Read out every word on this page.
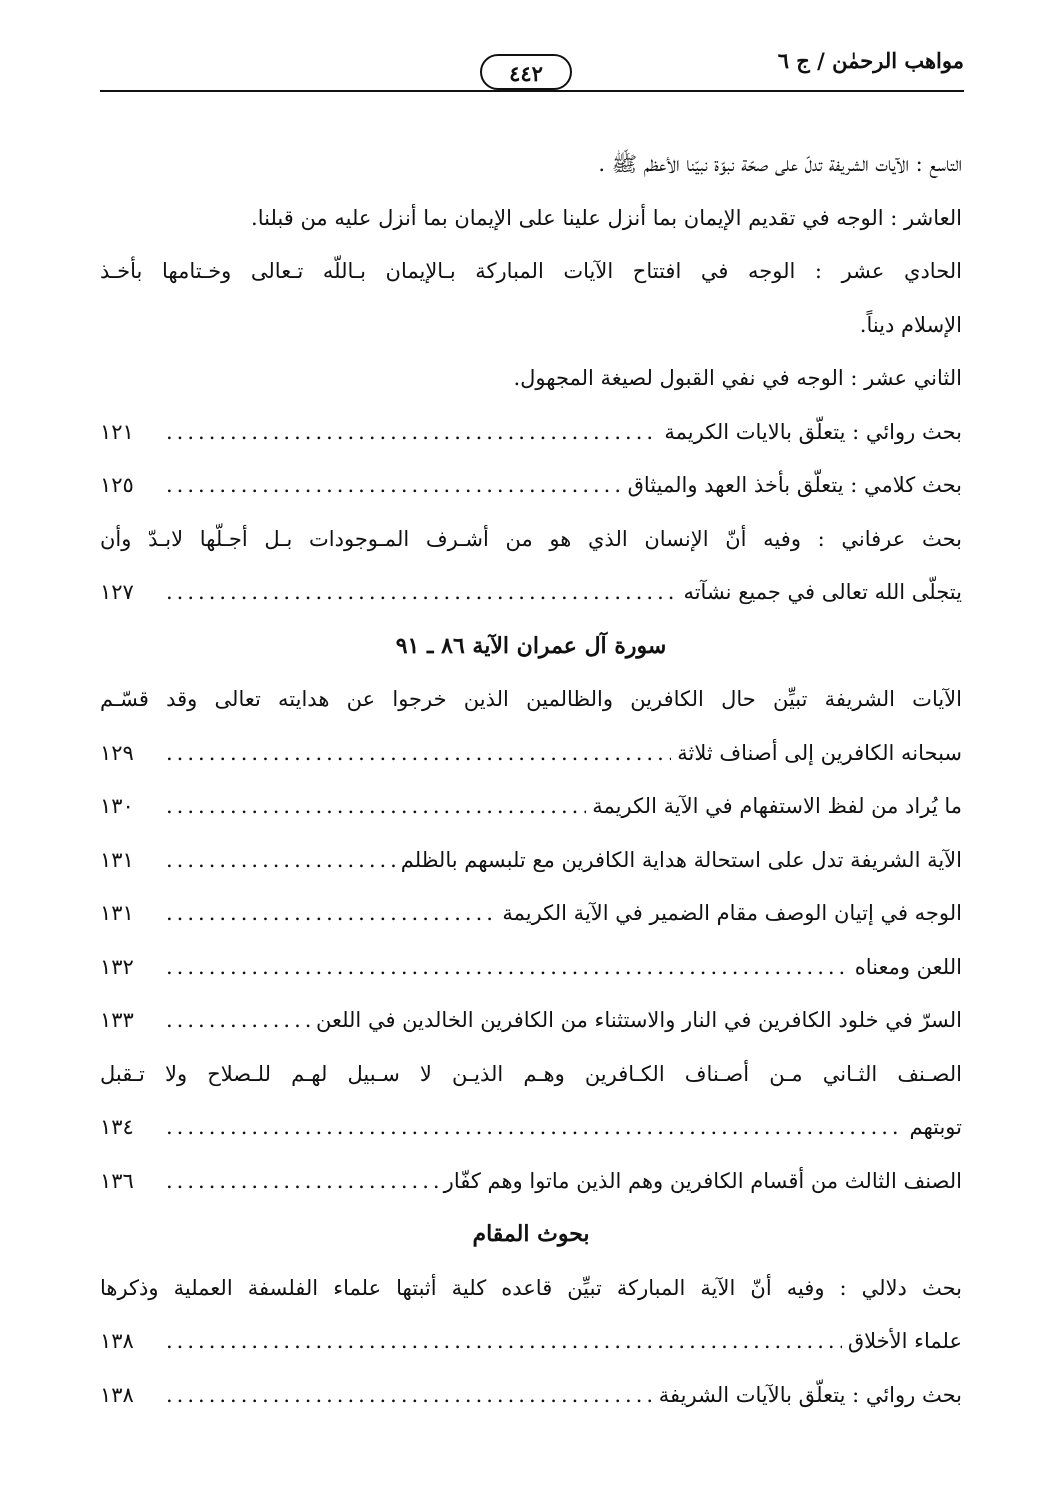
مواهب الرحمٰن / ج ٦
٤٤٢
التاسع : الآيات الشريفة تدلّ على صحّة نبوّة نبيّنا الأعظم ﷺ .
العاشر : الوجه في تقديم الإيمان بما أنزل علينا على الإيمان بما أنزل عليه من قبلنا.
الحادي عشر : الوجه في افتتاح الآيات المباركة بـالإيمان بـاللّه تـعالى وخـتامها بأخـذ
الإسلام ديناً.
الثاني عشر : الوجه في نفي القبول لصيغة المجهول.
بحث روائي : يتعلّق بالايات الكريمة
.....
١٢١
بحث كلامي : يتعلّق بأخذ العهد والميثاق
.....
١٢٥
بحث عرفاني : وفيه أنّ الإنسان الذي هو من أشـرف المـوجودات بـل أجـلّها لابـدّ وأن
يتجلّى الله تعالى في جميع نشآته
.....
١٢٧
سورة آل عمران الآية ٨٦ ـ ٩١
الآيات الشريفة تبيِّن حال الكافرين والظالمين الذين خرجوا عن هدايته تعالى وقد قسّـم
سبحانه الكافرين إلى أصناف ثلاثة
.....
١٢٩
ما يُراد من لفظ الاستفهام في الآية الكريمة
.....
١٣٠
الآية الشريفة تدل على استحالة هداية الكافرين مع تلبسهم بالظلم
.....
١٣١
الوجه في إتيان الوصف مقام الضمير في الآية الكريمة
.....
١٣١
اللعن ومعناه
.....
١٣٢
السرّ في خلود الكافرين في النار والاستثناء من الكافرين الخالدين في اللعن
.....
١٣٣
الصـنف الثـاني مـن أصـناف الكـافرين وهـم الذيـن لا سـبيل لهـم للـصلاح ولا تـقبل
توبتهم
.....
١٣٤
الصنف الثالث من أقسام الكافرين وهم الذين ماتوا وهم كفّار
.....
١٣٦
بحوث المقام
بحث دلالي : وفيه أنّ الآية المباركة تبيِّن قاعده كلية أثبتها علماء الفلسفة العملية وذكرها
علماء الأخلاق
.....
١٣٨
بحث روائي : يتعلّق بالآيات الشريفة
.....
١٣٨
